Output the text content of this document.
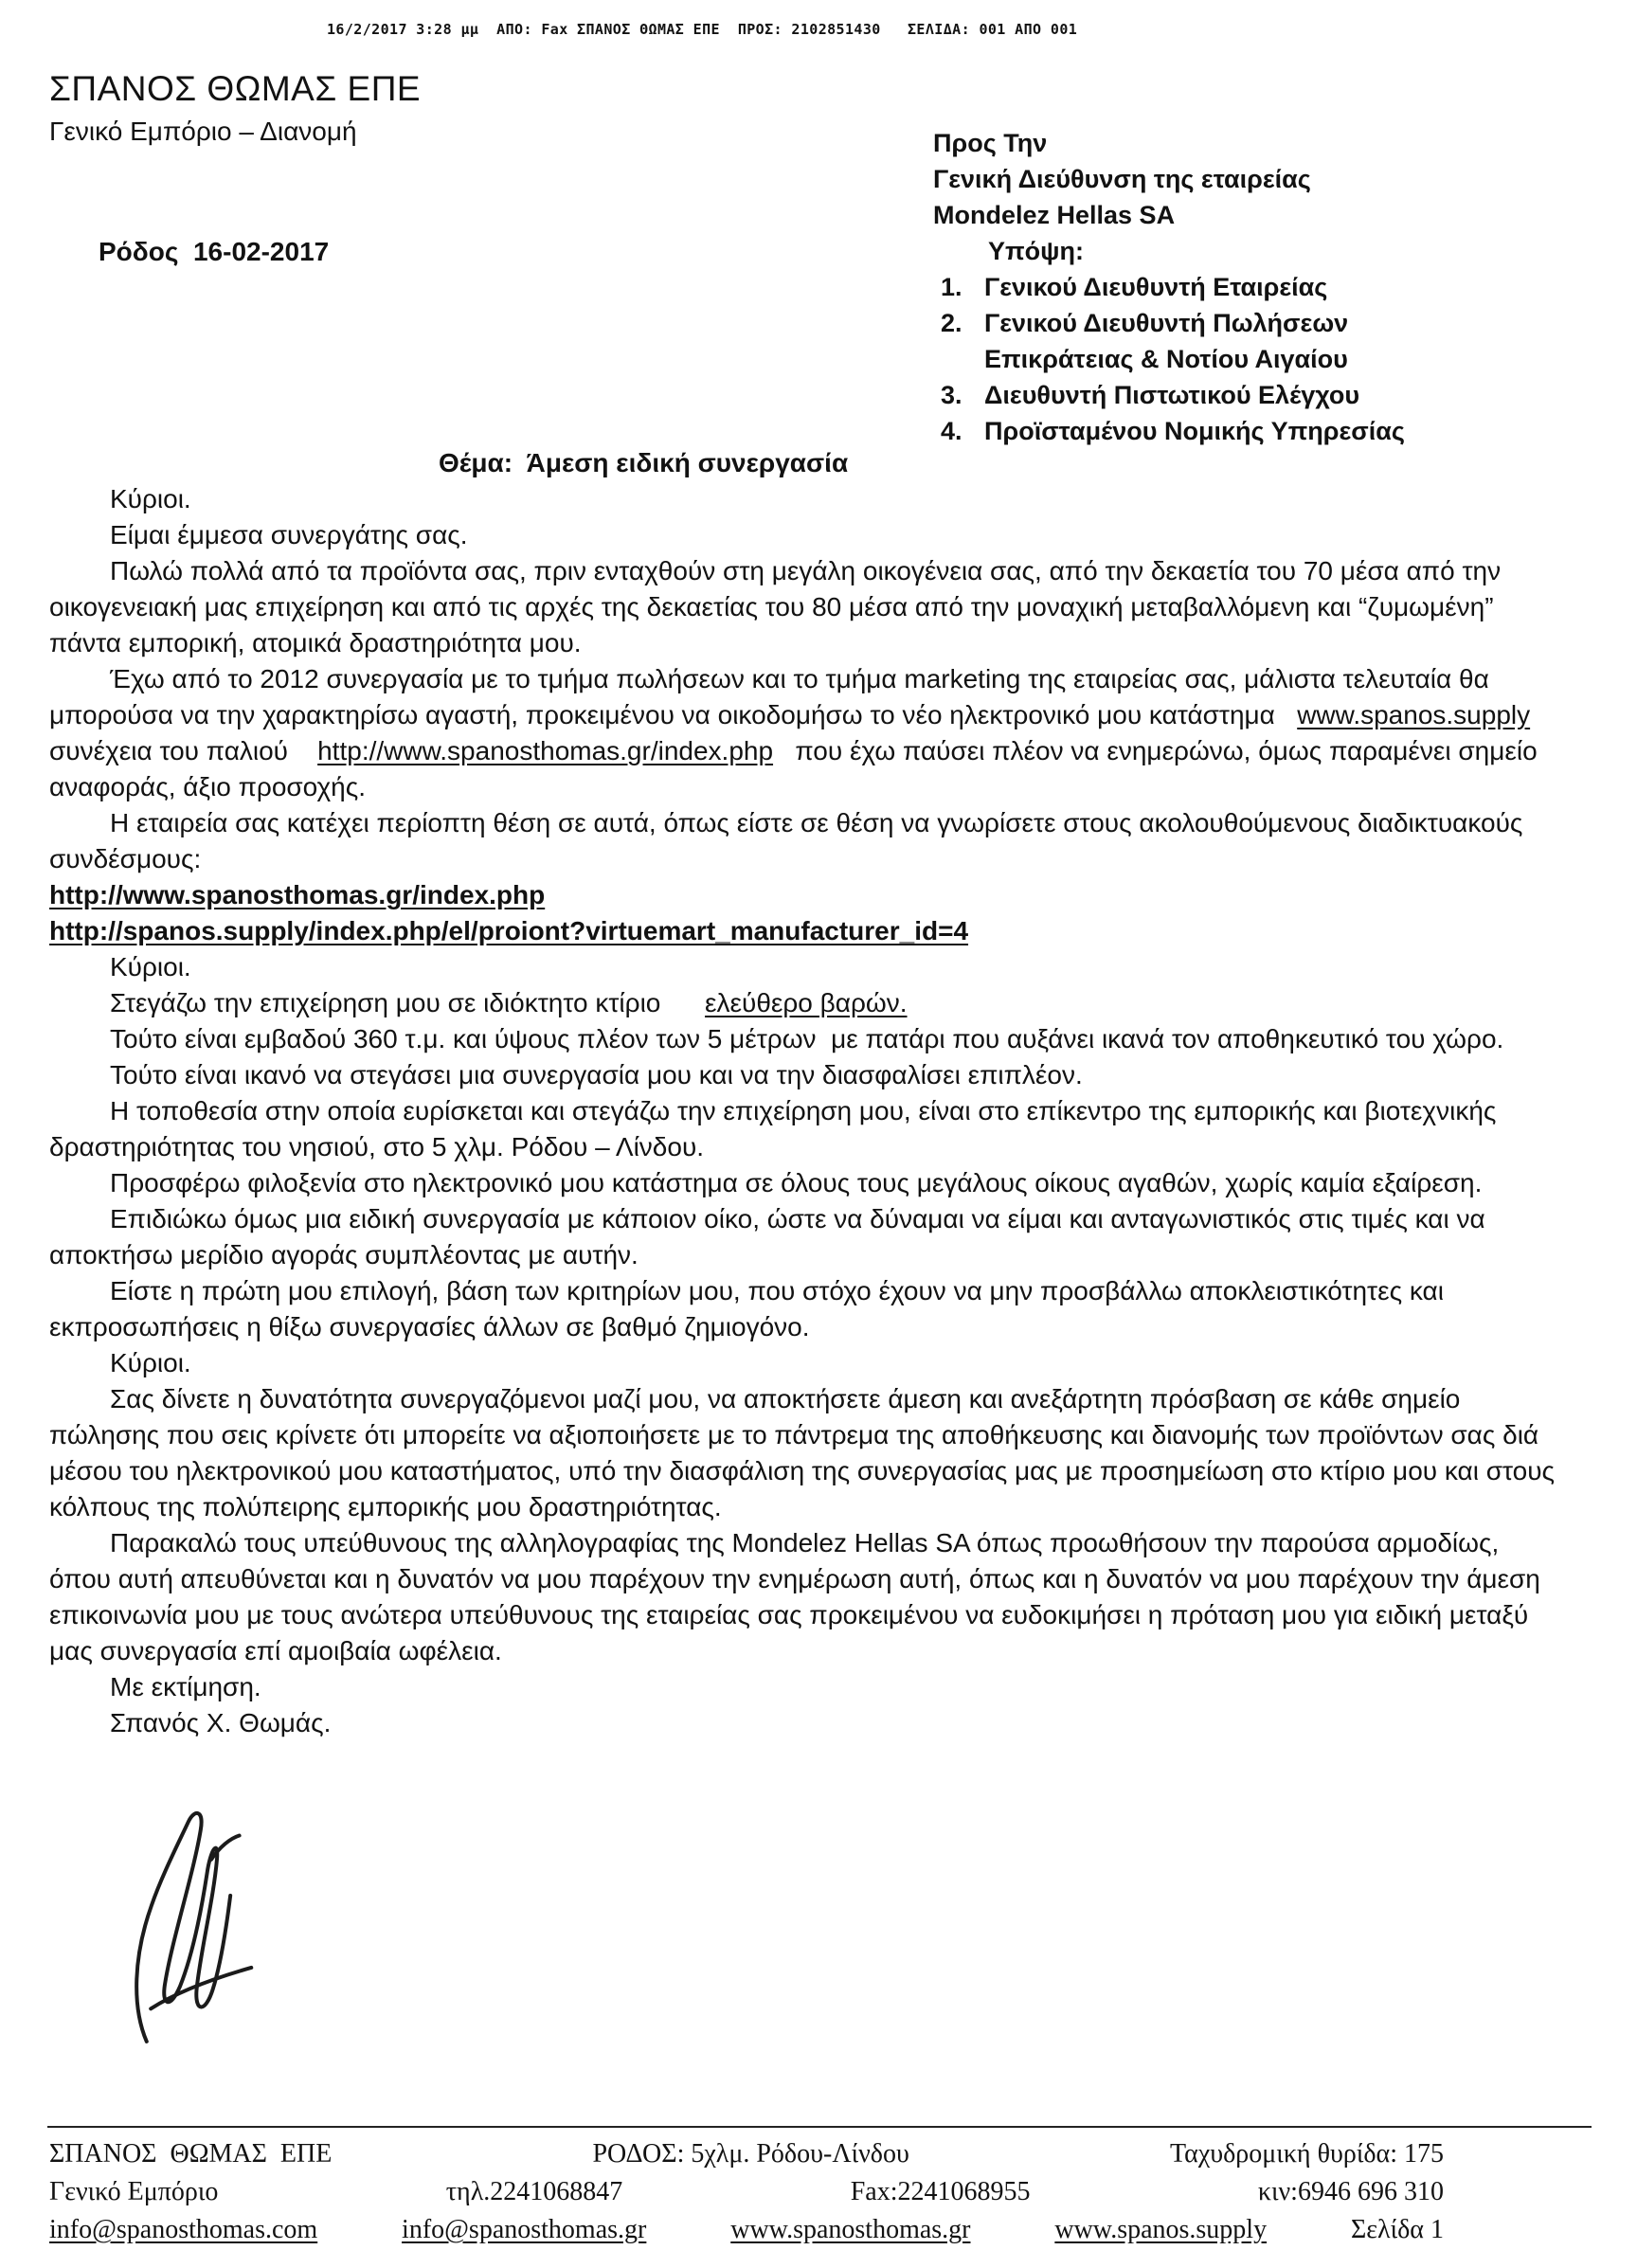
16/2/2017 3:28 μμ  ΑΠΟ: Fax ΣΠΑΝΟΣ ΘΩΜΑΣ ΕΠΕ  ΠΡΟΣ: 2102851430   ΣΕΛΙΔΑ: 001 ΑΠΟ 001
ΣΠΑΝΟΣ ΘΩΜΑΣ ΕΠΕ
Γενικό Εμπόριο – Διανομή
Ρόδος  16-02-2017
Προς Την
Γενική Διεύθυνση της εταιρείας
Mondelez Hellas SA
Υπόψη:
1. Γενικού Διευθυντή Εταιρείας
2. Γενικού Διευθυντή Πωλήσεων
Επικράτειας & Νοτίου Αιγαίου
3. Διευθυντή Πιστωτικού Ελέγχου
4. Προϊσταμένου Νομικής Υπηρεσίας
Θέμα:  Άμεση ειδική συνεργασία

Κύριοι.

Είμαι έμμεσα συνεργάτης σας.

Πωλώ πολλά από τα προϊόντα σας, πριν ενταχθούν στη μεγάλη οικογένεια σας, από την δεκαετία του 70 μέσα από την οικογενειακή μας επιχείρηση και από τις αρχές της δεκαετίας του 80 μέσα από την μοναχική μεταβαλλόμενη και “ζυμωμένη”  πάντα εμπορική, ατομικά δραστηριότητα μου.

Έχω από το 2012 συνεργασία με το τμήμα πωλήσεων και το τμήμα marketing της εταιρείας σας, μάλιστα τελευταία θα μπορούσα να την χαρακτηρίσω αγαστή, προκειμένου να οικοδομήσω το νέο ηλεκτρονικό μου κατάστημα   www.spanos.supply   συνέχεια του παλιού    http://www.spanosthomas.gr/index.php   που έχω παύσει πλέον να ενημερώνω, όμως παραμένει σημείο αναφοράς, άξιο προσοχής.

Η εταιρεία σας κατέχει περίοπτη θέση σε αυτά, όπως είστε σε θέση να γνωρίσετε στους ακολουθούμενους διαδικτυακούς συνδέσμους:

http://www.spanosthomas.gr/index.php

http://spanos.supply/index.php/el/proiont?virtuemart_manufacturer_id=4

Κύριοι.

Στεγάζω την επιχείρηση μου σε ιδιόκτητο κτίριο      ελεύθερο βαρών.

Τούτο είναι εμβαδού 360 τ.μ. και ύψους πλέον των 5 μέτρων  με πατάρι που αυξάνει ικανά τον αποθηκευτικό του χώρο.

Τούτο είναι ικανό να στεγάσει μια συνεργασία μου και να την διασφαλίσει επιπλέον.

Η τοποθεσία στην οποία ευρίσκεται και στεγάζω την επιχείρηση μου, είναι στο επίκεντρο της εμπορικής και βιοτεχνικής δραστηριότητας του νησιού, στο 5 χλμ. Ρόδου – Λίνδου.

Προσφέρω φιλοξενία στο ηλεκτρονικό μου κατάστημα σε όλους τους μεγάλους οίκους αγαθών, χωρίς καμία εξαίρεση.

Επιδιώκω όμως μια ειδική συνεργασία με κάποιον οίκο, ώστε να δύναμαι να είμαι και ανταγωνιστικός στις τιμές και να αποκτήσω μερίδιο αγοράς συμπλέοντας με αυτήν.

Είστε η πρώτη μου επιλογή, βάση των κριτηρίων μου, που στόχο έχουν να μην προσβάλλω αποκλειστικότητες και εκπροσωπήσεις η θίξω συνεργασίες άλλων σε βαθμό ζημιογόνο.

Κύριοι.

Σας δίνετε η δυνατότητα συνεργαζόμενοι μαζί μου, να αποκτήσετε άμεση και ανεξάρτητη πρόσβαση σε κάθε σημείο πώλησης που σεις κρίνετε ότι μπορείτε να αξιοποιήσετε με το πάντρεμα της αποθήκευσης και διανομής των προϊόντων σας διά μέσου του ηλεκτρονικού μου καταστήματος, υπό την διασφάλιση της συνεργασίας μας με προσημείωση στο κτίριο μου και στους κόλπους της πολύπειρης εμπορικής μου δραστηριότητας.

Παρακαλώ τους υπεύθυνους της αλληλογραφίας της Mondelez Hellas SA όπως προωθήσουν την παρούσα αρμοδίως, όπου αυτή απευθύνεται και η δυνατόν να μου παρέχουν την ενημέρωση αυτή, όπως και η δυνατόν να μου παρέχουν την άμεση επικοινωνία μου με τους ανώτερα υπεύθυνους της εταιρείας σας προκειμένου να ευδοκιμήσει η πρόταση μου για ειδική μεταξύ μας συνεργασία επί αμοιβαία ωφέλεια.

Με εκτίμηση.

Σπανός Χ. Θωμάς.

ΣΠΑΝΟΣ  ΘΩΜΑΣ  ΕΠΕ	ΡΟΔΟΣ: 5χλμ. Ρόδου-Λίνδου	Ταχυδρομική θυρίδα: 175
Γενικό Εμπόριο	τηλ.2241068847	Fax:2241068955	κιν:6946 696 310
info@spanosthomas.com	info@spanosthomas.gr	www.spanosthomas.gr	www.spanos.supply	Σελίδα 1
